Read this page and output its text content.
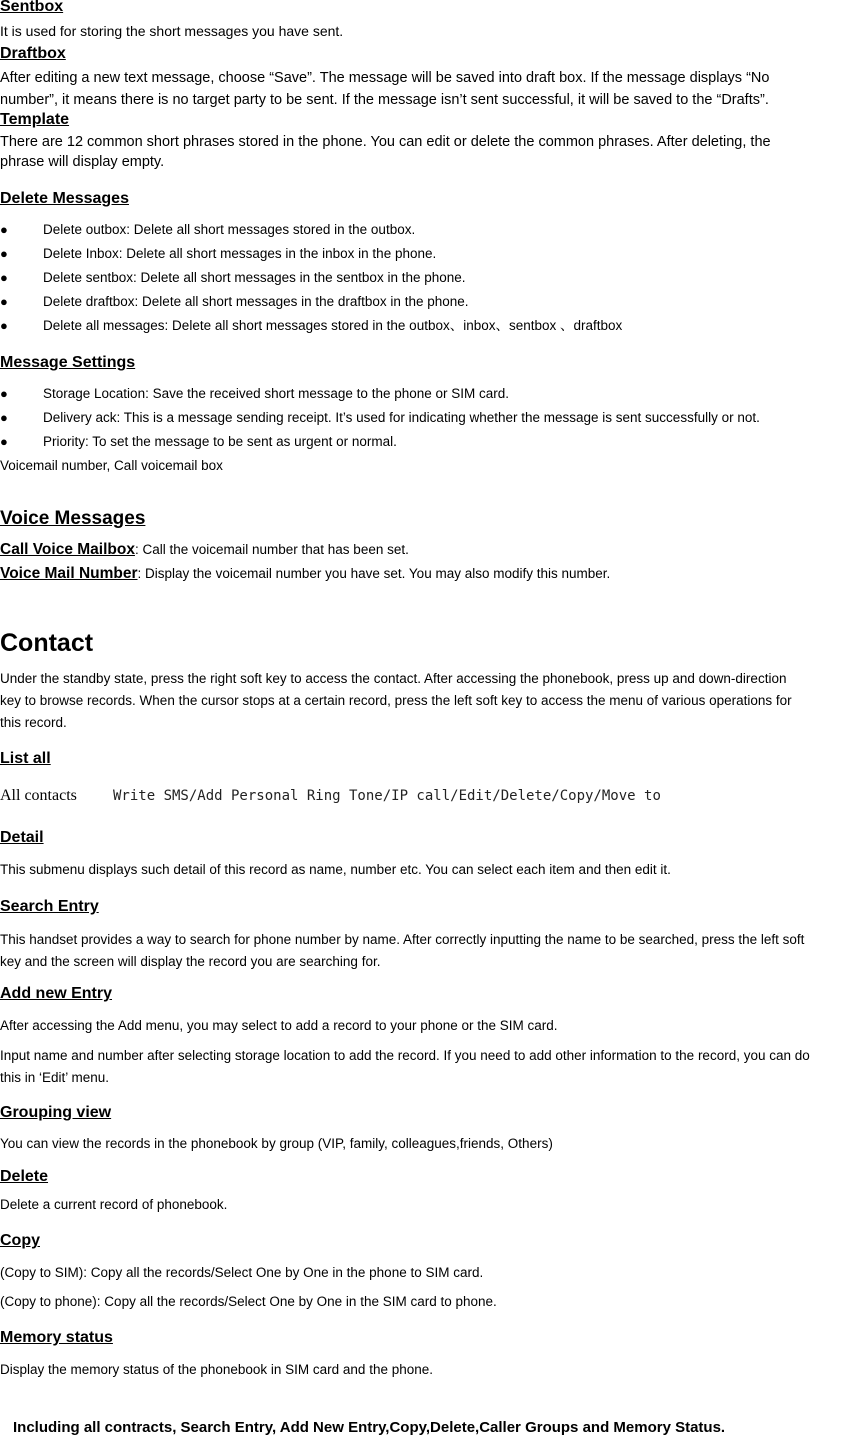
Sentbox

It is used for storing the short messages you have sent.

Draftbox

After editing a new text message, choose “Save”. The message will be saved into draft box. If the message displays “No

number”, it means there is no target party to be sent. If the message isn’t sent successful, it will be saved to the “Drafts”.

Template

There are 12 common short phrases stored in the phone. You can edit or delete the common phrases. After deleting, the

phrase will display empty.

Delete Messages
●	Delete outbox: Delete all short messages stored in the outbox.
●	Delete Inbox: Delete all short messages in the inbox in the phone.
●	Delete sentbox: Delete all short messages in the sentbox in the phone.
●	Delete draftbox: Delete all short messages in the draftbox in the phone.
●	Delete all messages: Delete all short messages stored in the outbox、inbox、sentbox 、draftbox
Message Settings
●	Storage Location: Save the received short message to the phone or SIM card.
●	Delivery ack: This is a message sending receipt. It’s used for indicating whether the message is sent successfully or not.
●	Priority: To set the message to be sent as urgent or normal.

Voicemail number, Call voicemail box

Voice Messages

Call Voice Mailbox: Call the voicemail number that has been set.

Voice Mail Number: Display the voicemail number you have set. You may also modify this number.

Contact

Under the standby state, press the right soft key to access the contact. After accessing the phonebook, press up and down-direction

key to browse records. When the cursor stops at a certain record, press the left soft key to access the menu of various operations for

this record.

List all
All contacts	Write SMS/Add Personal Ring Tone/IP call/Edit/Delete/Copy/Move to
Detail

This submenu displays such detail of this record as name, number etc. You can select each item and then edit it.

Search Entry

This handset provides a way to search for phone number by name. After correctly inputting the name to be searched, press the left soft

key and the screen will display the record you are searching for.

Add new Entry

After accessing the Add menu, you may select to add a record to your phone or the SIM card.

Input name and number after selecting storage location to add the record. If you need to add other information to the record, you can do

this in ‘Edit’ menu.

Grouping view

You can view the records in the phonebook by group (VIP, family, colleagues,friends, Others)

Delete

Delete a current record of phonebook.

Copy

(Copy to SIM): Copy all the records/Select One by One in the phone to SIM card.

(Copy to phone): Copy all the records/Select One by One in the SIM card to phone.

Memory status

Display the memory status of the phonebook in SIM card and the phone.

Including all contracts, Search Entry, Add New Entry,Copy,Delete,Caller Groups and Memory Status.
